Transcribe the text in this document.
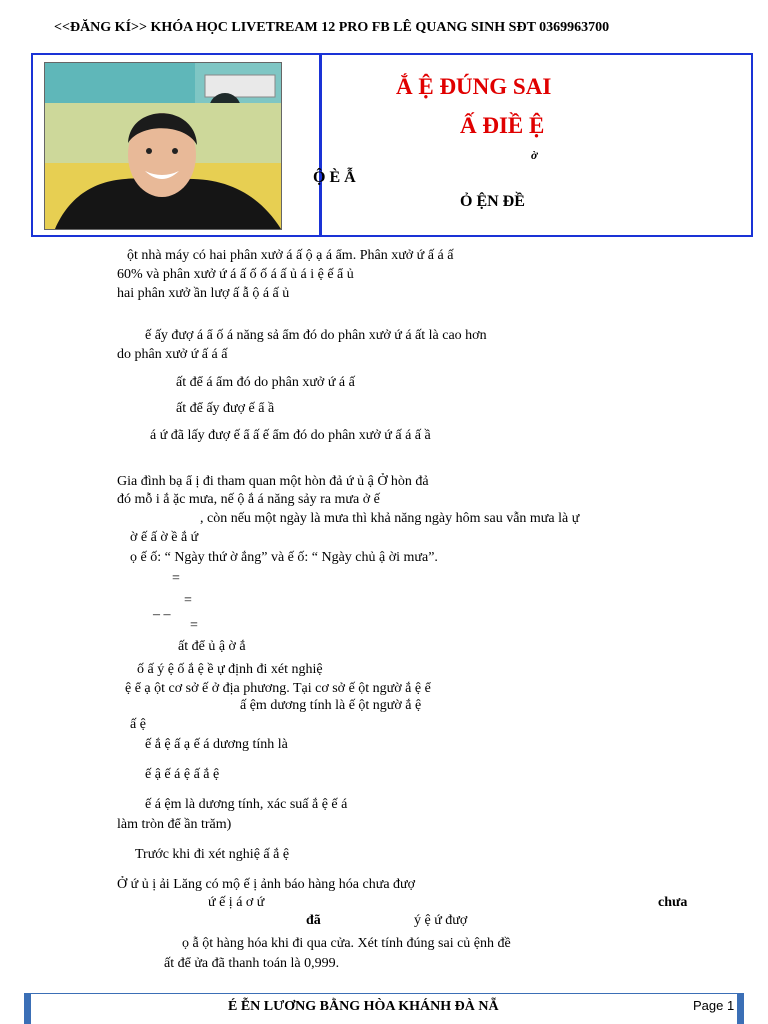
<<ĐĂNG KÍ>> KHÓA HỌC LIVETREAM 12 PRO FB LÊ QUANG SINH SĐT 0369963700
Ắ Ệ ĐÚNG SAI
Ấ ĐIỀ Ệ
ờ
Ộ È Ẫ
Ỏ ỆN ĐỀ
ột nhà máy có hai phân xưở á ấ ộ ạ á ẩm. Phân xưở ứ ấ á ấ
60% và phân xưở ứ á ấ ố ố á ấ ủ á i ệ ế ẩ ủ
hai phân xưở ần lượ ấ ẫ ộ á ấ ủ
ế ấy đượ á ẩ ố á năng sả ẩm đó do phân xưở ứ á ất là cao hơn
do phân xưở ứ ấ á ấ
ất để á ẩm đó do phân xưở ứ á ấ
ất để ấy đượ ế ẩ ầ
á ứ đã lấy đượ ế ẩ ấ ế ẩm đó do phân xưở ứ ấ á ấ ầ
Gia đình bạ ẩ ị đi tham quan một hòn đả ứ ủ ậ Ở hòn đả
đó mỗ i ắ ặc mưa, nế ộ ắ á năng sảy ra mưa ở ế
, còn nếu một ngày là mưa thì khả năng ngày hôm sau vẫn mưa là ự
ờ ế ấ ờ ề ắ ứ
ọ ế ố: “ Ngày thứ ờ ắng” và ế ố: “ Ngày chủ ậ ời mưa”.
=
=
– –
=
ất để ủ ậ ờ ắ
ố ấ ý ệ ố ắ ệ ề ự định đi xét nghiệ
ệ ể ạ ột cơ sở ế ở địa phương. Tại cơ sở ế ột ngườ ắ ệ ể
ấ ệm dương tính là ế ột ngườ ắ ệ
ấ ệ
ế ắ ệ ấ ạ ế á dương tính là
ế ậ ế á ệ ấ ắ ệ
ế á ệm là dương tính, xác suấ ắ ệ ế á
làm tròn để ần trăm)
Trước khi đi xét nghiệ ấ ắ ệ
Ở ứ ủ ị ải Lăng có mộ ế ị ảnh báo hàng hóa chưa đượ
ứ ế ị á ơ ứ	chưa
đã	ý ệ ứ đượ
ọ ẫ ột hàng hóa khi đi qua cửa. Xét tính đúng sai củ ệnh đề
ất để ửa đã thanh toán là 0,999.
É ỄN LƯƠNG BẰNG HÒA KHÁNH ĐÀ NẴ	Page 1
